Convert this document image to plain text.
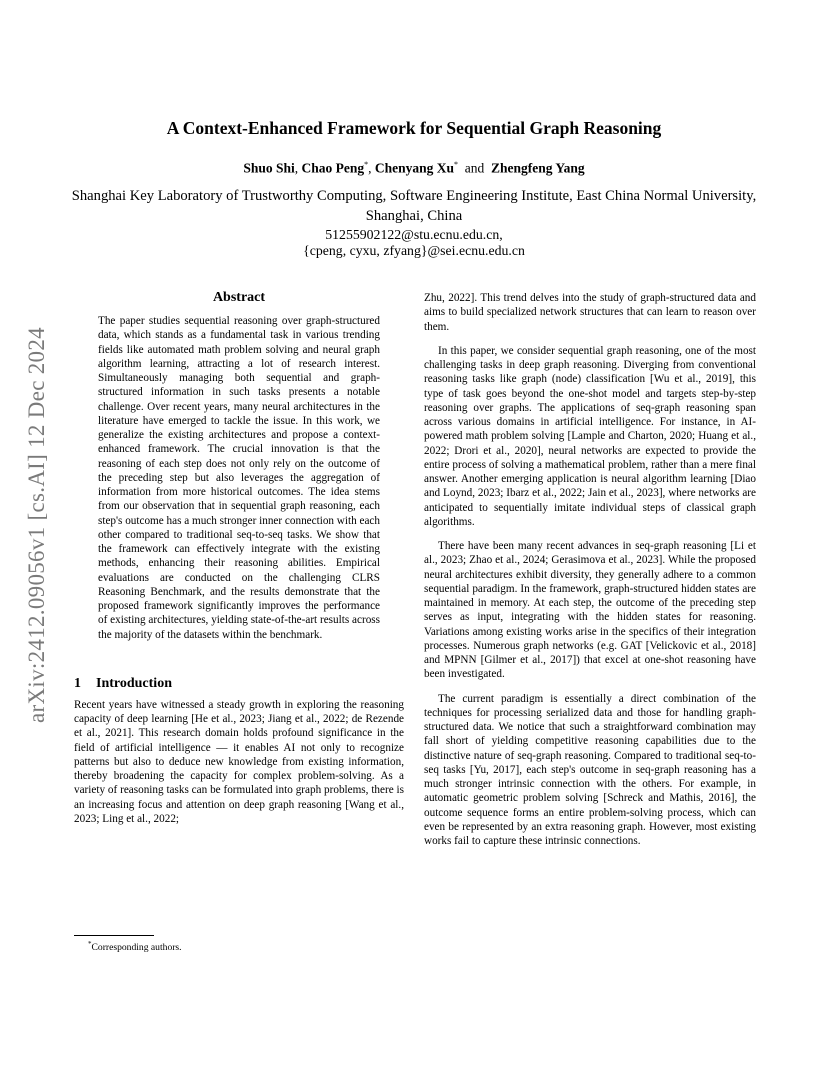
arXiv:2412.09056v1 [cs.AI] 12 Dec 2024
A Context-Enhanced Framework for Sequential Graph Reasoning
Shuo Shi, Chao Peng*, Chenyang Xu* and Zhengfeng Yang
Shanghai Key Laboratory of Trustworthy Computing, Software Engineering Institute, East China Normal University, Shanghai, China
51255902122@stu.ecnu.edu.cn,
{cpeng, cyxu, zfyang}@sei.ecnu.edu.cn
Abstract

The paper studies sequential reasoning over graph-structured data, which stands as a fundamental task in various trending fields like automated math problem solving and neural graph algorithm learning, attracting a lot of research interest. Simultaneously managing both sequential and graph-structured information in such tasks presents a notable challenge. Over recent years, many neural architectures in the literature have emerged to tackle the issue. In this work, we generalize the existing architectures and propose a context-enhanced framework. The crucial innovation is that the reasoning of each step does not only rely on the outcome of the preceding step but also leverages the aggregation of information from more historical outcomes. The idea stems from our observation that in sequential graph reasoning, each step's outcome has a much stronger inner connection with each other compared to traditional seq-to-seq tasks. We show that the framework can effectively integrate with the existing methods, enhancing their reasoning abilities. Empirical evaluations are conducted on the challenging CLRS Reasoning Benchmark, and the results demonstrate that the proposed framework significantly improves the performance of existing architectures, yielding state-of-the-art results across the majority of the datasets within the benchmark.

1 Introduction

Recent years have witnessed a steady growth in exploring the reasoning capacity of deep learning [He et al., 2023; Jiang et al., 2022; de Rezende et al., 2021]. This research domain holds profound significance in the field of artificial intelligence — it enables AI not only to recognize patterns but also to deduce new knowledge from existing information, thereby broadening the capacity for complex problem-solving. As a variety of reasoning tasks can be formulated into graph problems, there is an increasing focus and attention on deep graph reasoning [Wang et al., 2023; Ling et al., 2022;

Zhu, 2022]. This trend delves into the study of graph-structured data and aims to build specialized network structures that can learn to reason over them.

In this paper, we consider sequential graph reasoning, one of the most challenging tasks in deep graph reasoning. Diverging from conventional reasoning tasks like graph (node) classification [Wu et al., 2019], this type of task goes beyond the one-shot model and targets step-by-step reasoning over graphs. The applications of seq-graph reasoning span across various domains in artificial intelligence. For instance, in AI-powered math problem solving [Lample and Charton, 2020; Huang et al., 2022; Drori et al., 2020], neural networks are expected to provide the entire process of solving a mathematical problem, rather than a mere final answer. Another emerging application is neural algorithm learning [Diao and Loynd, 2023; Ibarz et al., 2022; Jain et al., 2023], where networks are anticipated to sequentially imitate individual steps of classical graph algorithms.

There have been many recent advances in seq-graph reasoning [Li et al., 2023; Zhao et al., 2024; Gerasimova et al., 2023]. While the proposed neural architectures exhibit diversity, they generally adhere to a common sequential paradigm. In the framework, graph-structured hidden states are maintained in memory. At each step, the outcome of the preceding step serves as input, integrating with the hidden states for reasoning. Variations among existing works arise in the specifics of their integration processes. Numerous graph networks (e.g. GAT [Velickovic et al., 2018] and MPNN [Gilmer et al., 2017]) that excel at one-shot reasoning have been investigated.

The current paradigm is essentially a direct combination of the techniques for processing serialized data and those for handling graph-structured data. We notice that such a straightforward combination may fall short of yielding competitive reasoning capabilities due to the distinctive nature of seq-graph reasoning. Compared to traditional seq-to-seq tasks [Yu, 2017], each step's outcome in seq-graph reasoning has a much stronger intrinsic connection with the others. For example, in automatic geometric problem solving [Schreck and Mathis, 2016], the outcome sequence forms an entire problem-solving process, which can even be represented by an extra reasoning graph. However, most existing works fail to capture these intrinsic connections.

*Corresponding authors.
